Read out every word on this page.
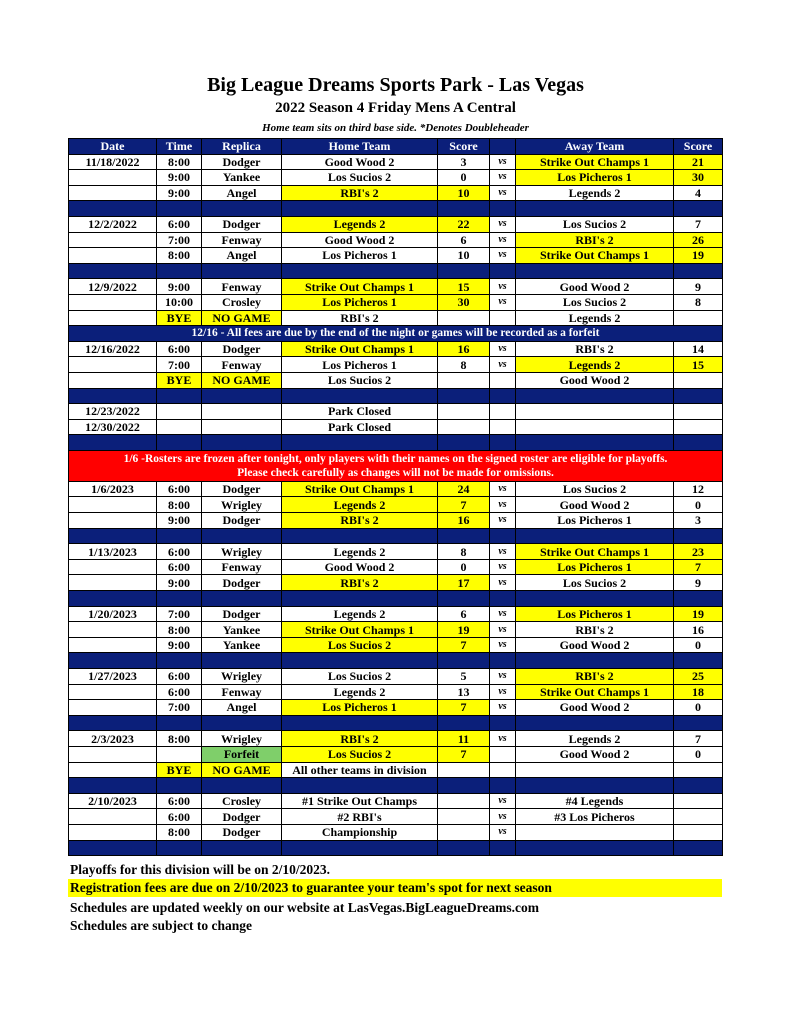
Big League Dreams Sports Park - Las Vegas
2022 Season 4 Friday Mens A Central
Home team sits on third base side. *Denotes Doubleheader
Date	Time	Replica	Home Team	Score		Away Team	Score
11/18/2022	8:00	Dodger	Good Wood 2	3	vs	Strike Out Champs 1	21
	9:00	Yankee	Los Sucios 2	0	vs	Los Picheros 1	30
	9:00	Angel	RBI's 2	10	vs	Legends 2	4

12/2/2022	6:00	Dodger	Legends 2	22	vs	Los Sucios 2	7
	7:00	Fenway	Good Wood 2	6	vs	RBI's 2	26
	8:00	Angel	Los Picheros 1	10	vs	Strike Out Champs 1	19

12/9/2022	9:00	Fenway	Strike Out Champs 1	15	vs	Good Wood 2	9
	10:00	Crosley	Los Picheros 1	30	vs	Los Sucios 2	8
	BYE	NO GAME	RBI's 2			Legends 2	
12/16 - All fees are due by the end of the night or games will be recorded as a forfeit							
12/16/2022	6:00	Dodger	Strike Out Champs 1	16	vs	RBI's 2	14
	7:00	Fenway	Los Picheros 1	8	vs	Legends 2	15
	BYE	NO GAME	Los Sucios 2			Good Wood 2	

12/23/2022			Park Closed				
12/30/2022			Park Closed				

1/6 -Rosters are frozen after tonight, only players with their names on the signed roster are eligible for playoffs.
Please check carefully as changes will not be made for omissions.							

1/6/2023	6:00	Dodger	Strike Out Champs 1	24	vs	Los Sucios 2	12
	8:00	Wrigley	Legends 2	7	vs	Good Wood 2	0
	9:00	Dodger	RBI's 2	16	vs	Los Picheros 1	3

1/13/2023	6:00	Wrigley	Legends 2	8	vs	Strike Out Champs 1	23
	6:00	Fenway	Good Wood 2	0	vs	Los Picheros 1	7
	9:00	Dodger	RBI's 2	17	vs	Los Sucios 2	9

1/20/2023	7:00	Dodger	Legends 2	6	vs	Los Picheros 1	19
	8:00	Yankee	Strike Out Champs 1	19	vs	RBI's 2	16
	9:00	Yankee	Los Sucios 2	7	vs	Good Wood 2	0

1/27/2023	6:00	Wrigley	Los Sucios 2	5	vs	RBI's 2	25
	6:00	Fenway	Legends 2	13	vs	Strike Out Champs 1	18
	7:00	Angel	Los Picheros 1	7	vs	Good Wood 2	0

2/3/2023	8:00	Wrigley	RBI's 2	11	vs	Legends 2	7
		Forfeit	Los Sucios 2	7		Good Wood 2	0
	BYE	NO GAME	All other teams in division				

2/10/2023	6:00	Crosley	#1 Strike Out Champs		vs	#4 Legends	
	6:00	Dodger	#2 RBI's		vs	#3 Los Picheros	
	8:00	Dodger	Championship		vs		

Playoffs for this division will be on 2/10/2023.
Registration fees are due on 2/10/2023 to guarantee your team's spot for next season
Schedules are updated weekly on our website at LasVegas.BigLeagueDreams.com
Schedules are subject to change
